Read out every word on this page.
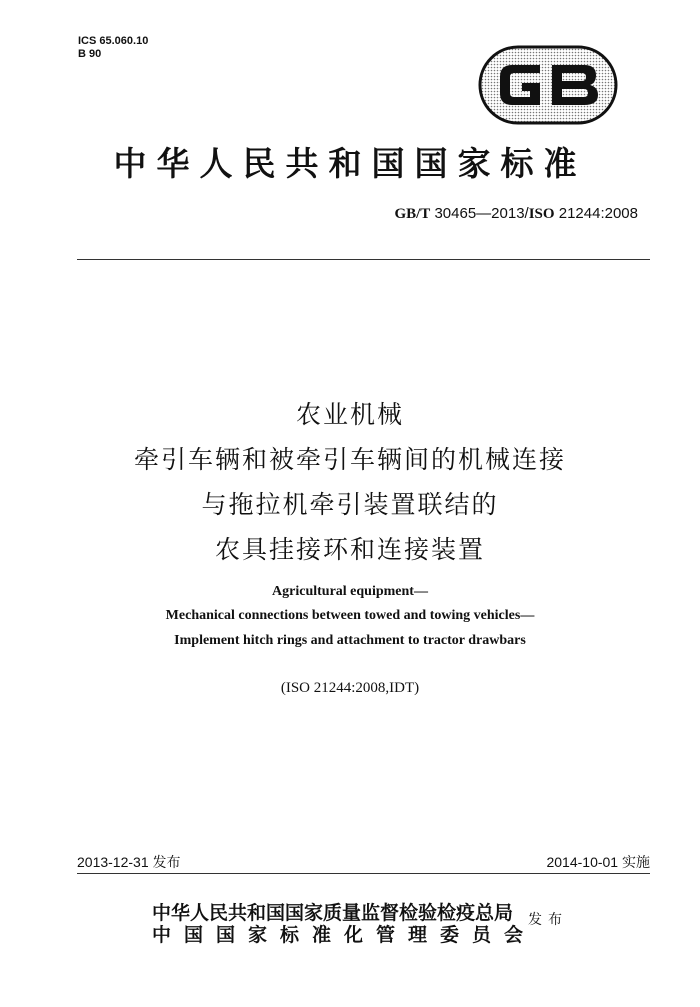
ICS 65.060.10
B 90
中华人民共和国国家标准
GB/T 30465—2013/ISO 21244:2008
农业机械
牵引车辆和被牵引车辆间的机械连接
与拖拉机牵引装置联结的
农具挂接环和连接装置
Agricultural equipment—
Mechanical connections between towed and towing vehicles—
Implement hitch rings and attachment to tractor drawbars
(ISO 21244:2008,IDT)
2013-12-31 发布	2014-10-01 实施
中华人民共和国国家质量监督检验检疫总局
中国国家标准化管理委员会
发布
